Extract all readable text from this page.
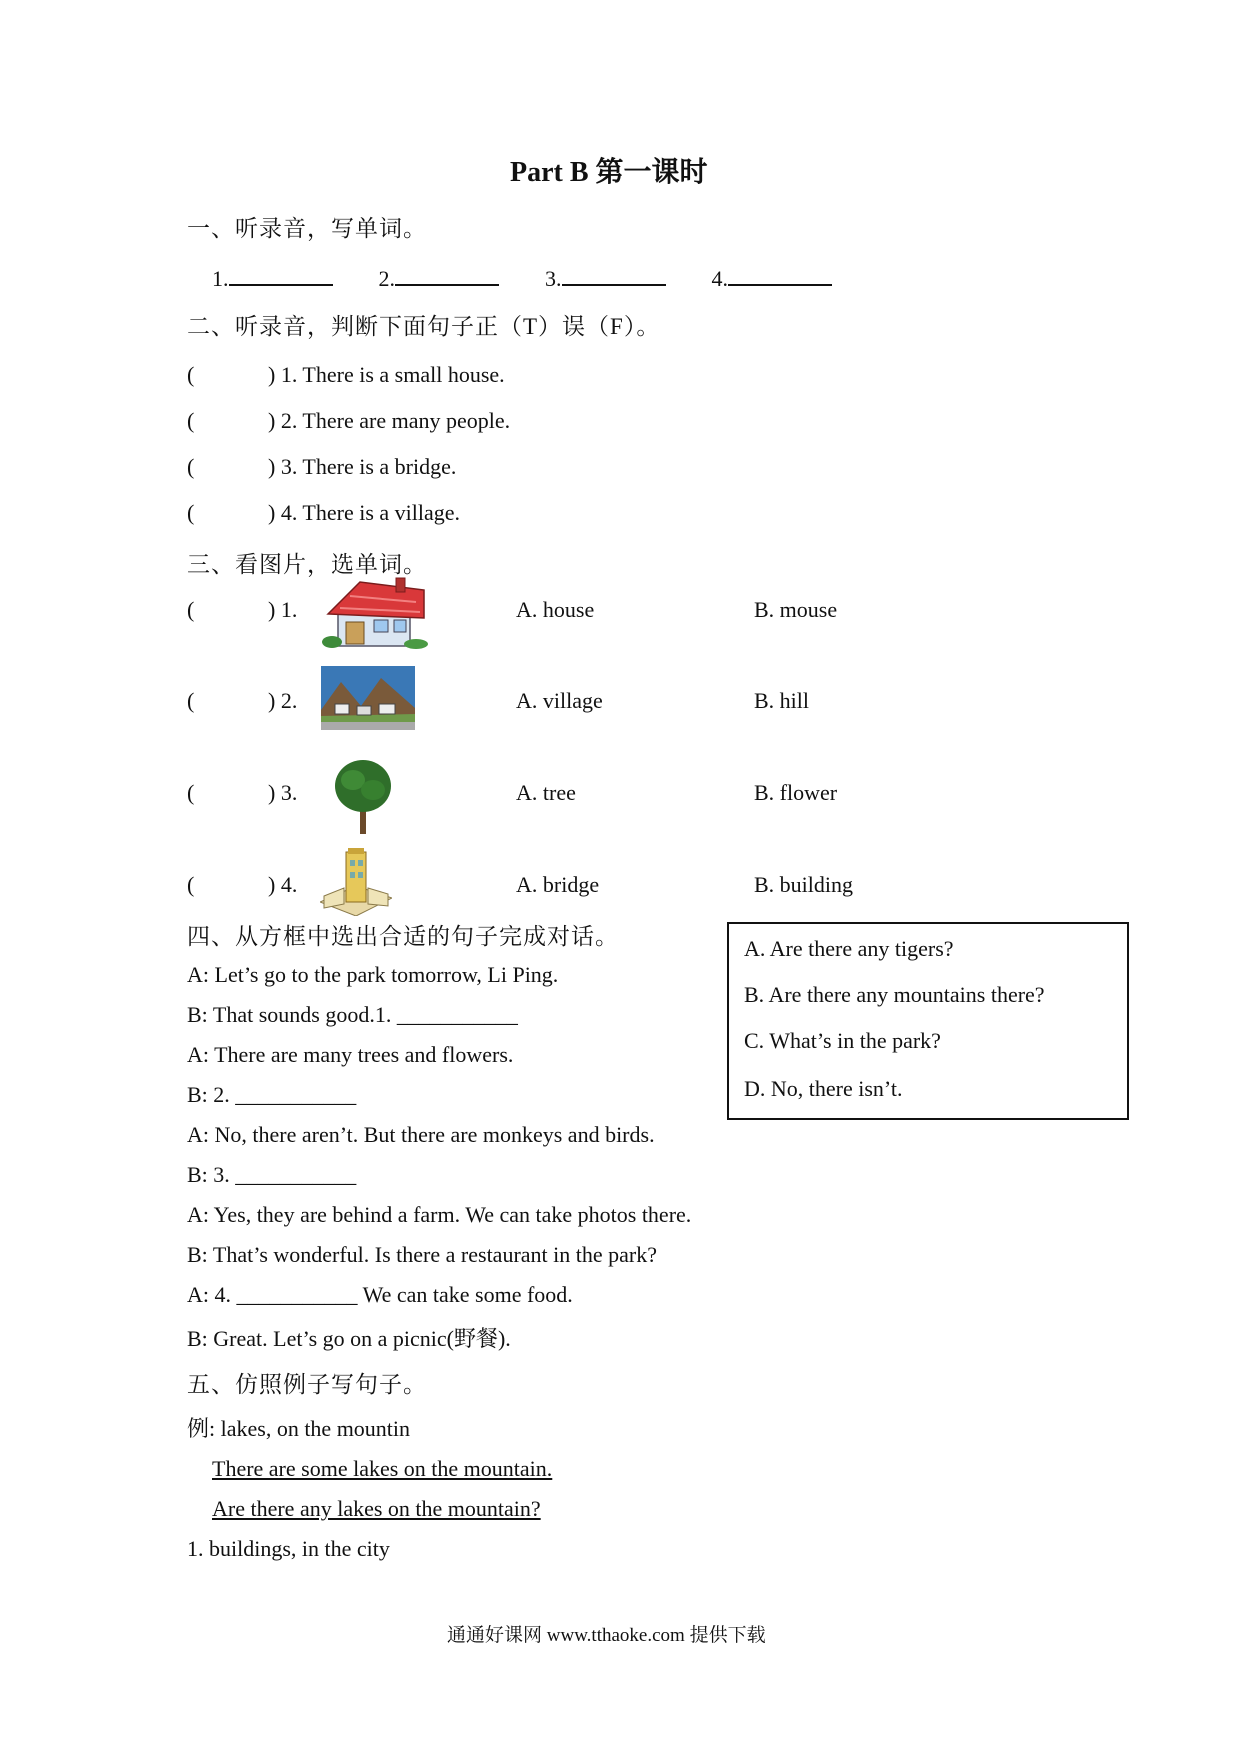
Part B 第一课时
一、听录音，写单词。
1.	2.	3.	4.
二、听录音，判断下面句子正（T）误（F）。
(	) 1. There is a small house.
(	) 2. There are many people.
(	) 3. There is a bridge.
(	) 4. There is a village.
三、看图片，选单词。
(	) 1.	A. house	B. mouse
(	) 2.	A. village	B. hill
(	) 3.	A. tree	B. flower
(	) 4.	A. bridge	B. building
四、从方框中选出合适的句子完成对话。
A: Let’s go to the park tomorrow, Li Ping.
B: That sounds good.1. ___________
A: There are many trees and flowers.
B: 2. ___________
A: No, there aren’t. But there are monkeys and birds.
B: 3. ___________
A: Yes, they are behind a farm. We can take photos there.
B: That’s wonderful. Is there a restaurant in the park?
A: 4. ___________ We can take some food.
B: Great. Let’s go on a picnic(野餐).
A. Are there any tigers?
B. Are there any mountains there?
C. What’s in the park?
D. No, there isn’t.
五、仿照例子写句子。
例: lakes, on the mountin
There are some lakes on the mountain.
Are there any lakes on the mountain?
1. buildings, in the city
通通好课网 www.tthaoke.com 提供下载
